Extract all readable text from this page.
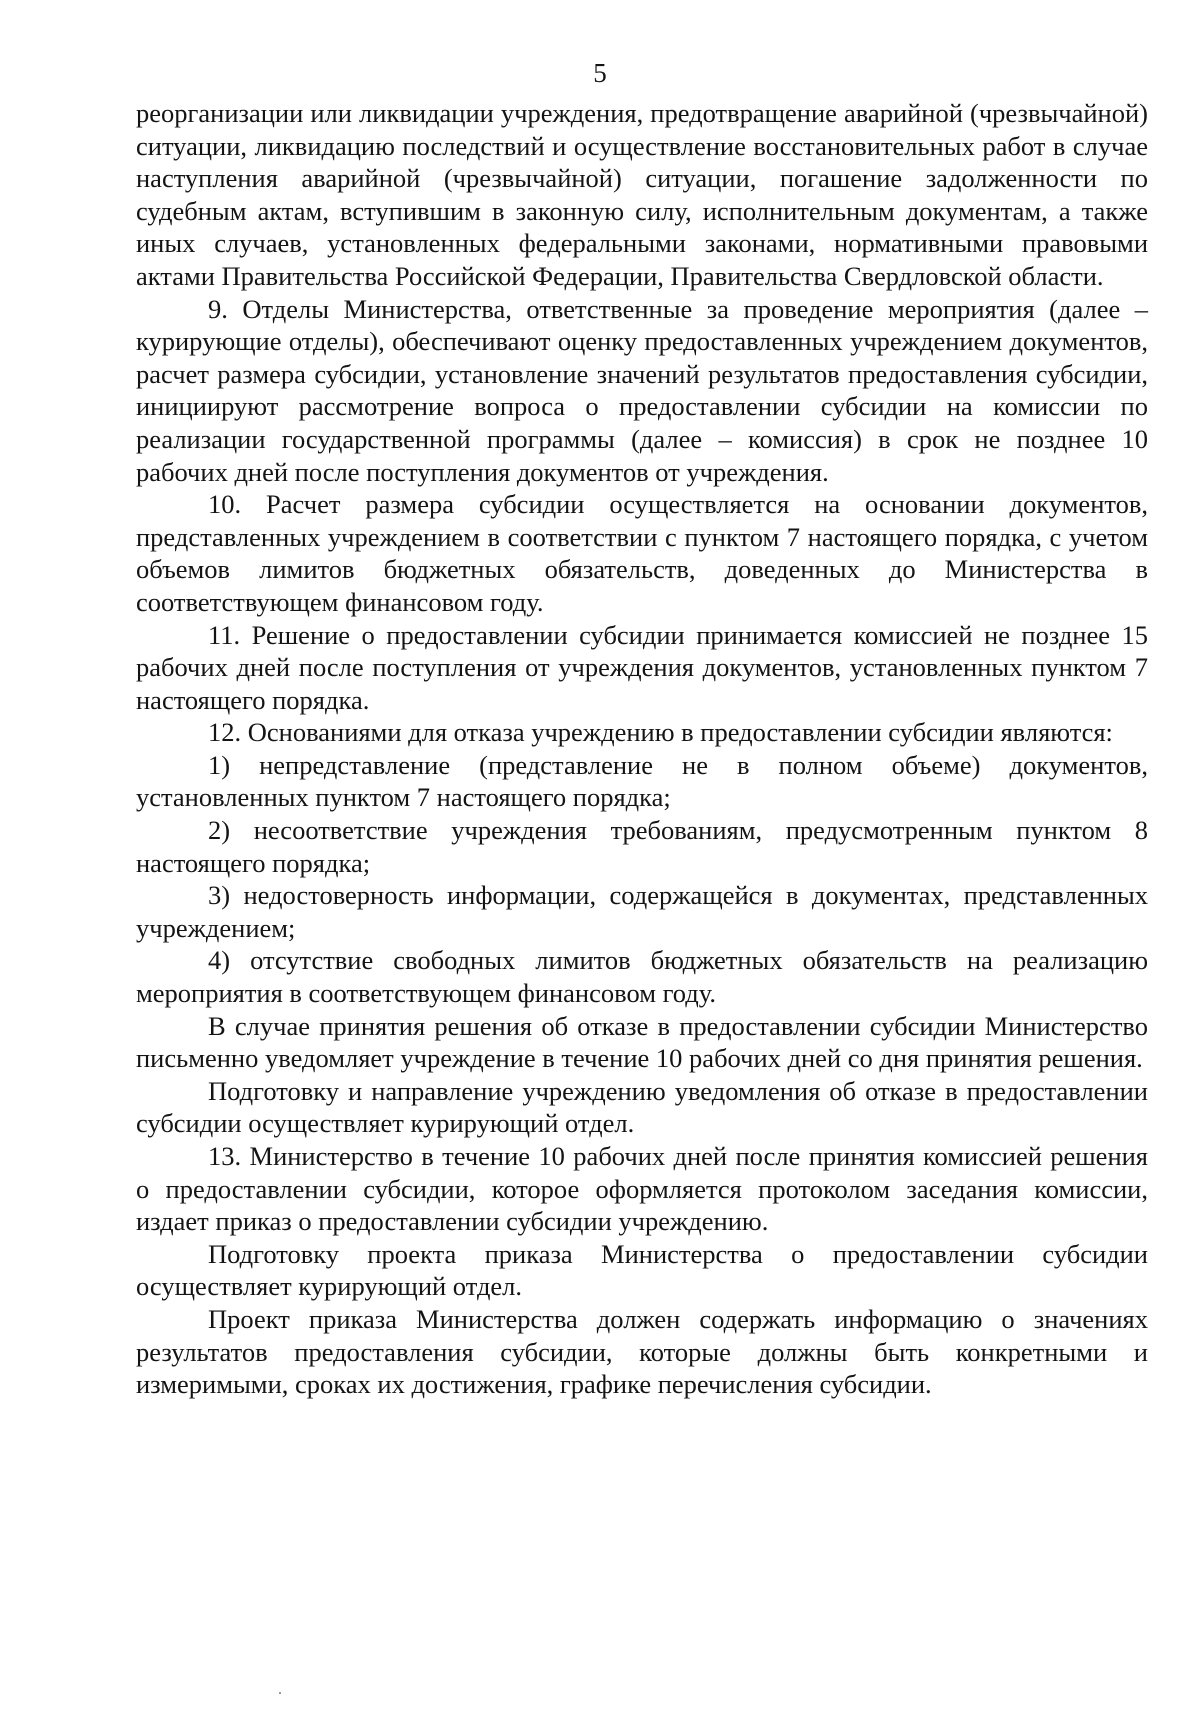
5

реорганизации или ликвидации учреждения, предотвращение аварийной (чрезвычайной) ситуации, ликвидацию последствий и осуществление восстановительных работ в случае наступления аварийной (чрезвычайной) ситуации, погашение задолженности по судебным актам, вступившим в законную силу, исполнительным документам, а также иных случаев, установленных федеральными законами, нормативными правовыми актами Правительства Российской Федерации, Правительства Свердловской области.

9. Отделы Министерства, ответственные за проведение мероприятия (далее – курирующие отделы), обеспечивают оценку предоставленных учреждением документов, расчет размера субсидии, установление значений результатов предоставления субсидии, инициируют рассмотрение вопроса о предоставлении субсидии на комиссии по реализации государственной программы (далее – комиссия) в срок не позднее 10 рабочих дней после поступления документов от учреждения.

10. Расчет размера субсидии осуществляется на основании документов, представленных учреждением в соответствии с пунктом 7 настоящего порядка, с учетом объемов лимитов бюджетных обязательств, доведенных до Министерства в соответствующем финансовом году.

11. Решение о предоставлении субсидии принимается комиссией не позднее 15 рабочих дней после поступления от учреждения документов, установленных пунктом 7 настоящего порядка.

12. Основаниями для отказа учреждению в предоставлении субсидии являются:

1) непредставление (представление не в полном объеме) документов, установленных пунктом 7 настоящего порядка;

2) несоответствие учреждения требованиям, предусмотренным пунктом 8 настоящего порядка;

3) недостоверность информации, содержащейся в документах, представленных учреждением;

4) отсутствие свободных лимитов бюджетных обязательств на реализацию мероприятия в соответствующем финансовом году.

В случае принятия решения об отказе в предоставлении субсидии Министерство письменно уведомляет учреждение в течение 10 рабочих дней со дня принятия решения.

Подготовку и направление учреждению уведомления об отказе в предоставлении субсидии осуществляет курирующий отдел.

13. Министерство в течение 10 рабочих дней после принятия комиссией решения о предоставлении субсидии, которое оформляется протоколом заседания комиссии, издает приказ о предоставлении субсидии учреждению.

Подготовку проекта приказа Министерства о предоставлении субсидии осуществляет курирующий отдел.

Проект приказа Министерства должен содержать информацию о значениях результатов предоставления субсидии, которые должны быть конкретными и измеримыми, сроках их достижения, графике перечисления субсидии.
